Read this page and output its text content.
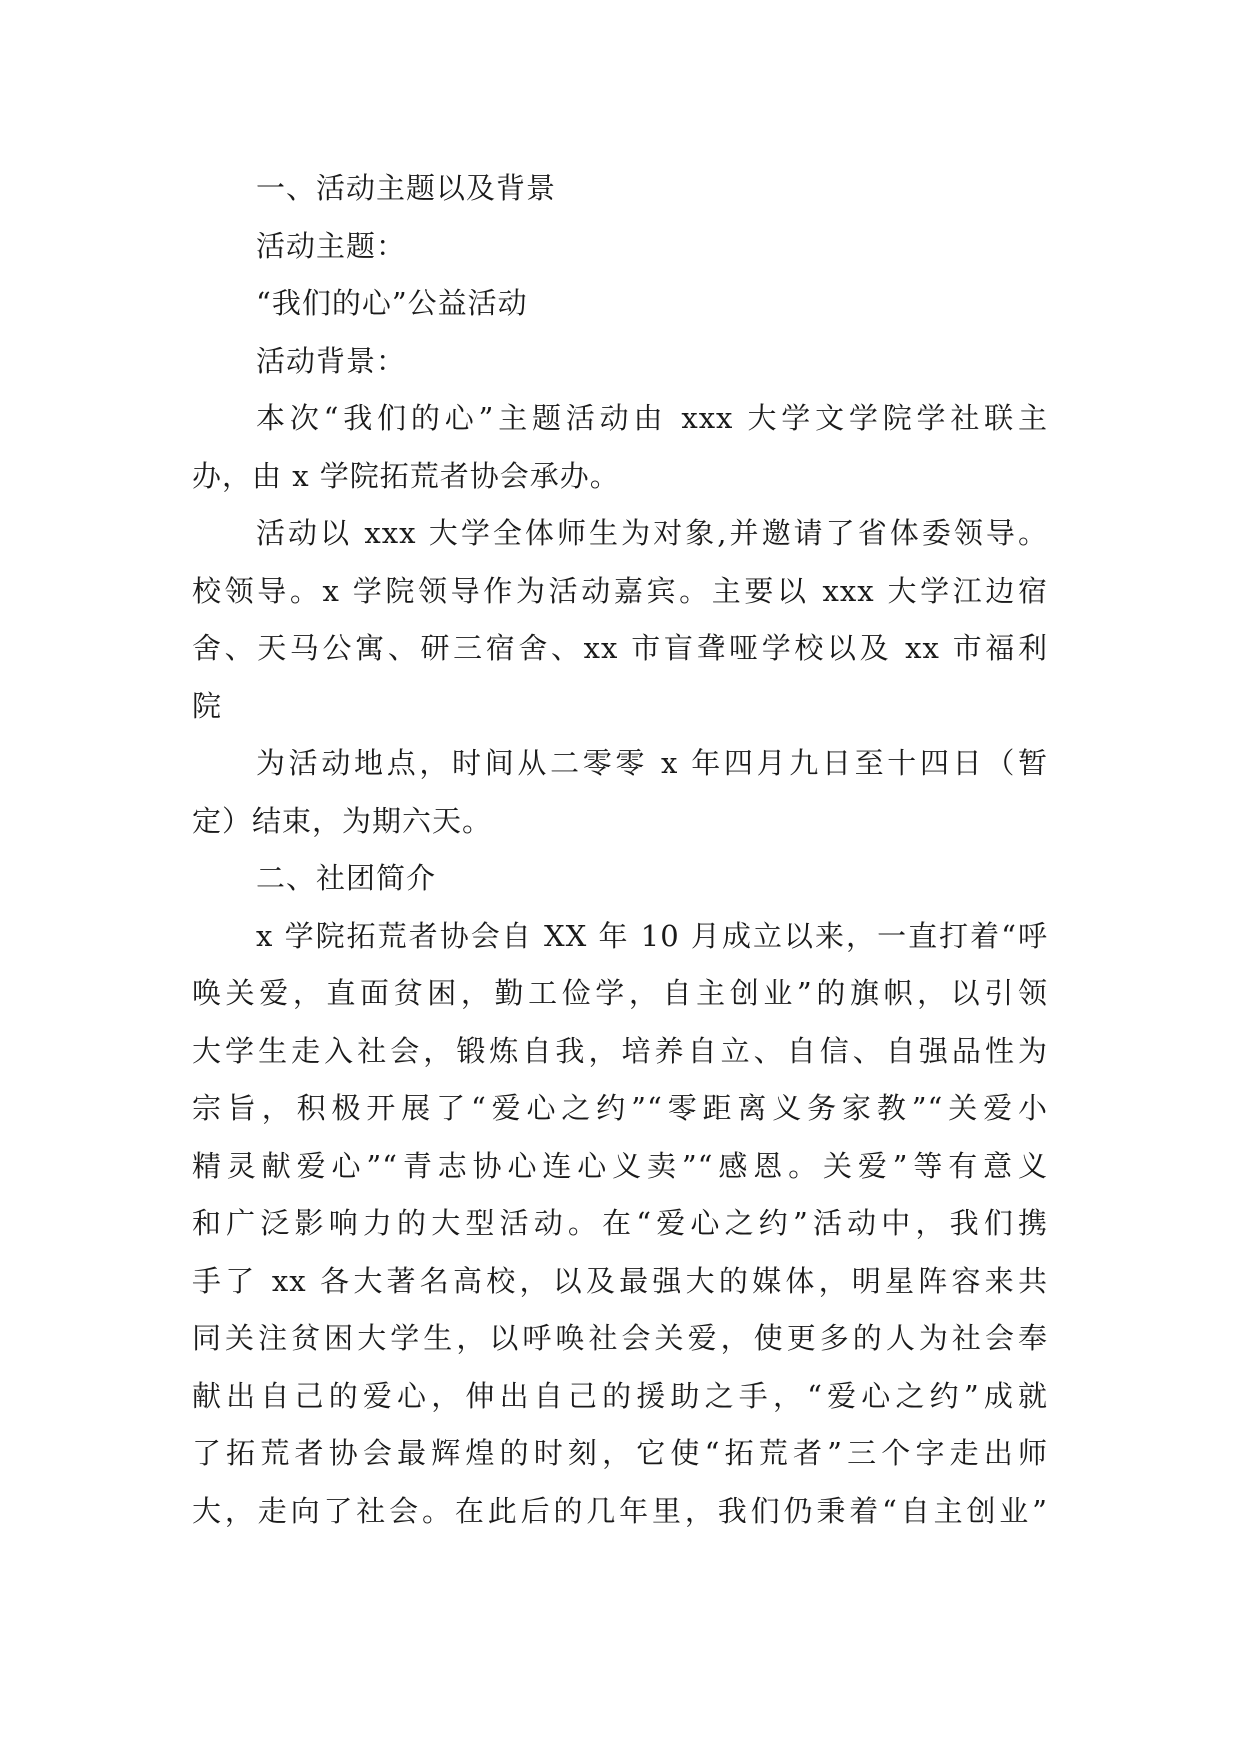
一、活动主题以及背景

活动主题：

“我们的心”公益活动

活动背景：

本次“我们的心”主题活动由 xxx 大学文学院学社联主
办，由 x 学院拓荒者协会承办。

活动以 xxx 大学全体师生为对象,并邀请了省体委领导。
校领导。x 学院领导作为活动嘉宾。主要以 xxx 大学江边宿
舍、天马公寓、研三宿舍、xx 市盲聋哑学校以及 xx 市福利
院

为活动地点，时间从二零零 x 年四月九日至十四日（暂
定）结束，为期六天。

二、社团简介

x 学院拓荒者协会自 XX 年 10 月成立以来，一直打着“呼
唤关爱，直面贫困，勤工俭学，自主创业”的旗帜，以引领
大学生走入社会，锻炼自我，培养自立、自信、自强品性为
宗旨，积极开展了“爱心之约”“零距离义务家教”“关爱小
精灵献爱心”“青志协心连心义卖”“感恩。关爱”等有意义
和广泛影响力的大型活动。在“爱心之约”活动中，我们携
手了 xx 各大著名高校，以及最强大的媒体，明星阵容来共
同关注贫困大学生，以呼唤社会关爱，使更多的人为社会奉
献出自己的爱心，伸出自己的援助之手，“爱心之约”成就
了拓荒者协会最辉煌的时刻，它使“拓荒者”三个字走出师
大，走向了社会。在此后的几年里，我们仍秉着“自主创业”
